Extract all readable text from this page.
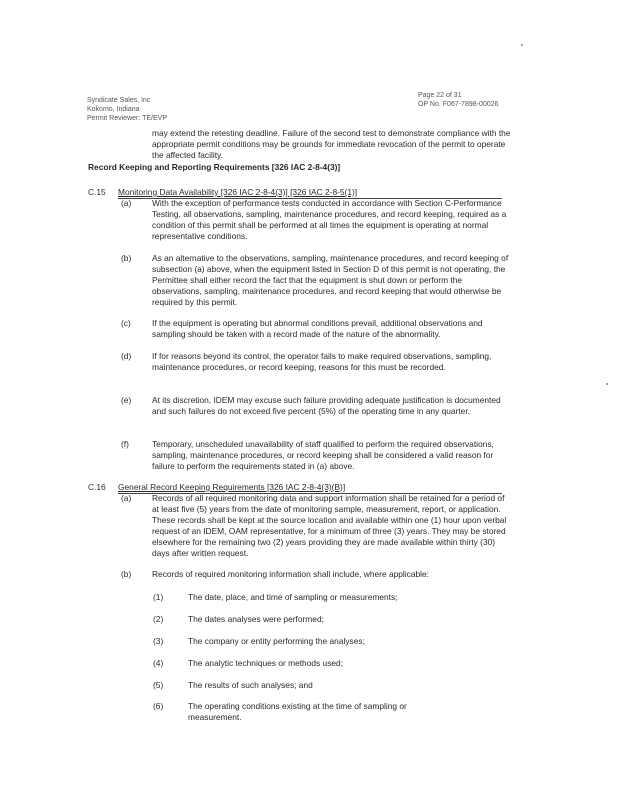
Syndicate Sales, Inc
Kokomo, Indiana
Permit Reviewer: TE/EVP
Page 22 of 31
OP No. F067-7898-00026
may extend the retesting deadline. Failure of the second test to demonstrate compliance with the appropriate permit conditions may be grounds for immediate revocation of the permit to operate the affected facility.
Record Keeping and Reporting Requirements [326 IAC 2-8-4(3)]
C.15 Monitoring Data Availability [326 IAC 2-8-4(3)] [326 IAC 2-8-5(1)]
(a) With the exception of performance tests conducted in accordance with Section C-Performance Testing, all observations, sampling, maintenance procedures, and record keeping, required as a condition of this permit shall be performed at all times the equipment is operating at normal representative conditions.
(b) As an alternative to the observations, sampling, maintenance procedures, and record keeping of subsection (a) above, when the equipment listed in Section D of this permit is not operating, the Permittee shall either record the fact that the equipment is shut down or perform the observations, sampling, maintenance procedures, and record keeping that would otherwise be required by this permit.
(c)	If the equipment is operating but abnormal conditions prevail, additional observations and sampling should be taken with a record made of the nature of the abnormality.
(d) If for reasons beyond its control, the operator fails to make required observations, sampling, maintenance procedures, or record keeping, reasons for this must be recorded.
(e) At its discretion, IDEM may excuse such failure providing adequate justification is documented and such failures do not exceed five percent (5%) of the operating time in any quarter.
(f)	Temporary, unscheduled unavailability of staff qualified to perform the required observations, sampling, maintenance procedures, or record keeping shall be considered a valid reason for failure to perform the requirements stated in (a) above.
C.16 General Record Keeping Requirements [326 IAC 2-8-4(3)(B)]
(a) Records of all required monitoring data and support information shall be retained for a period of at least five (5) years from the date of monitoring sample, measurement, report, or application. These records shall be kept at the source location and available within one (1) hour upon verbal request of an IDEM, OAM representative, for a minimum of three (3) years. They may be stored elsewhere for the remaining two (2) years providing they are made available within thirty (30) days after written request.
(b) Records of required monitoring information shall include, where applicable:
(1)	The date, place, and time of sampling or measurements;
(2)	The dates analyses were performed;
(3)	The company or entity performing the analyses;
(4)	The analytic techniques or methods used;
(5)	The results of such analyses; and
(6)	The operating conditions existing at the time of sampling or measurement.
